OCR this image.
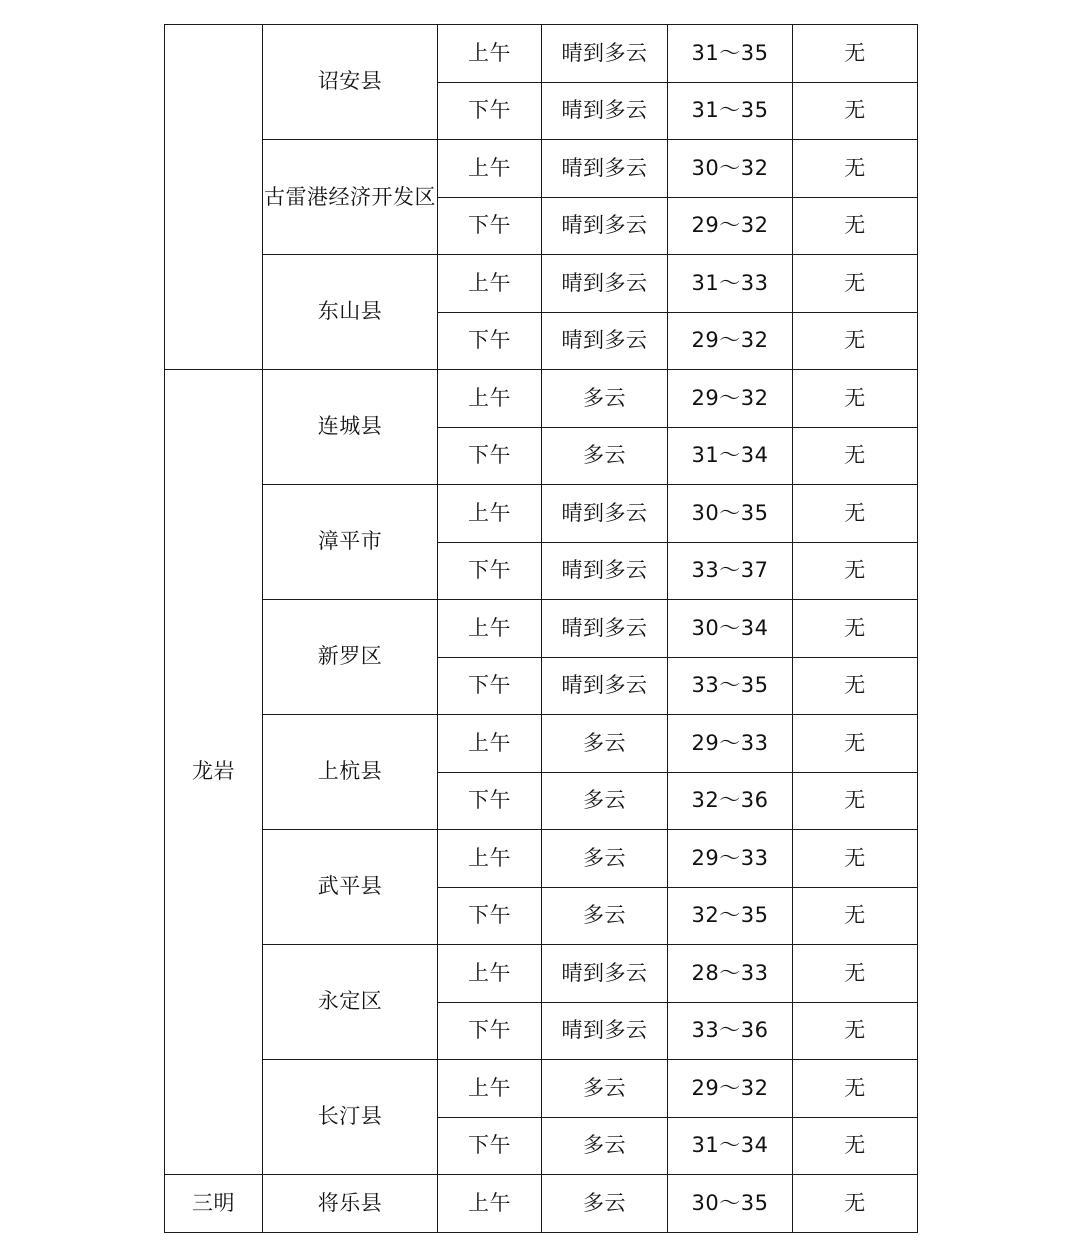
	诏安县	上午	晴到多云	31～35	无
		下午	晴到多云	31～35	无
	古雷港经济开发区	上午	晴到多云	30～32	无
		下午	晴到多云	29～32	无
	东山县	上午	晴到多云	31～33	无
		下午	晴到多云	29～32	无
龙岩	连城县	上午	多云	29～32	无
		下午	多云	31～34	无
	漳平市	上午	晴到多云	30～35	无
		下午	晴到多云	33～37	无
	新罗区	上午	晴到多云	30～34	无
		下午	晴到多云	33～35	无
	上杭县	上午	多云	29～33	无
		下午	多云	32～36	无
	武平县	上午	多云	29～33	无
		下午	多云	32～35	无
	永定区	上午	晴到多云	28～33	无
		下午	晴到多云	33～36	无
	长汀县	上午	多云	29～32	无
		下午	多云	31～34	无
三明	将乐县	上午	多云	30～35	无
